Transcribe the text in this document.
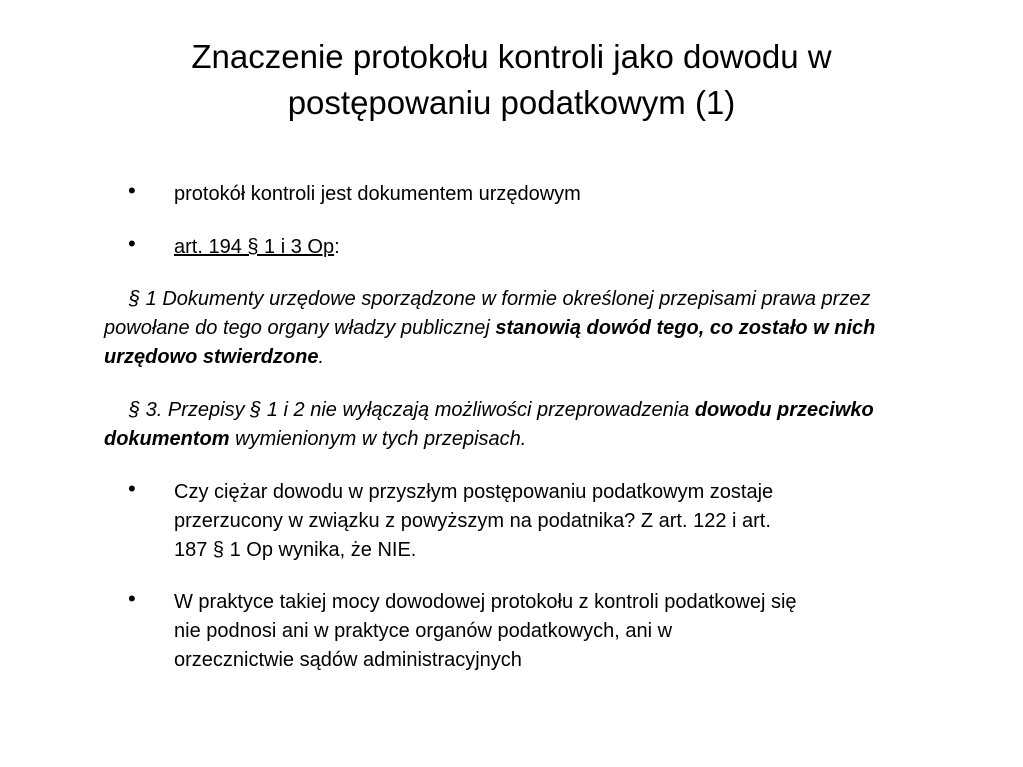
Znaczenie protokołu kontroli jako dowodu w
postępowaniu podatkowym (1)
• protokół kontroli jest dokumentem urzędowym
• art. 194 § 1 i 3 Op:
§ 1 Dokumenty urzędowe sporządzone w formie określonej przepisami prawa przez powołane do tego organy władzy publicznej stanowią dowód tego, co zostało w nich urzędowo stwierdzone.
§ 3. Przepisy § 1 i 2 nie wyłączają możliwości przeprowadzenia dowodu przeciwko dokumentom wymienionym w tych przepisach.
• Czy ciężar dowodu w przyszłym postępowaniu podatkowym zostaje
przerzucony w związku z powyższym na podatnika? Z art. 122 i art.
187 § 1 Op wynika, że NIE.
• W praktyce takiej mocy dowodowej protokołu z kontroli podatkowej się
nie podnosi ani w praktyce organów podatkowych, ani w
orzecznictwie sądów administracyjnych
